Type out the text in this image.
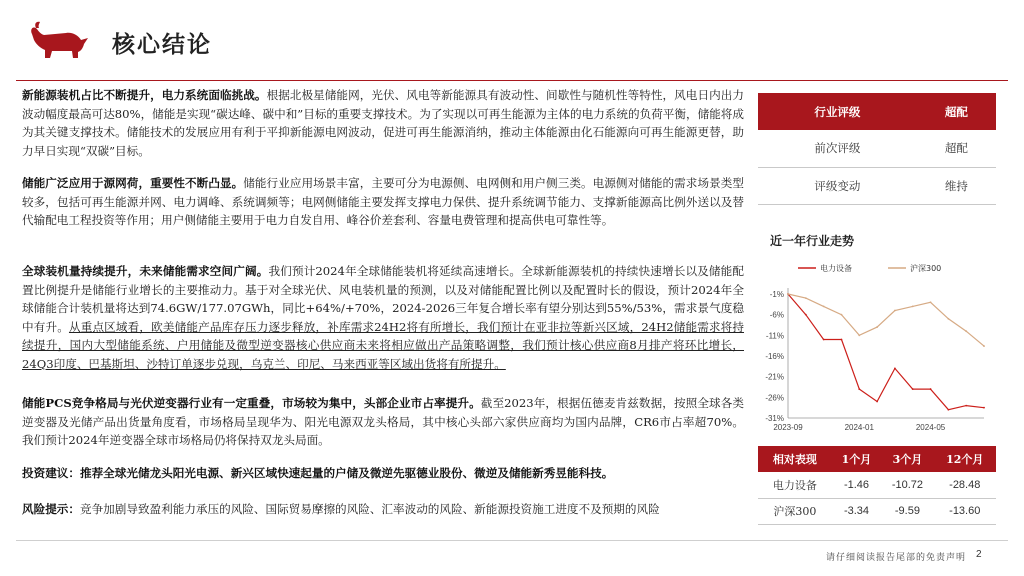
核心结论
新能源装机占比不断提升，电力系统面临挑战。根据北极星储能网，光伏、风电等新能源具有波动性、间歇性与随机性等特性，风电日内出力波动幅度最高可达80%，储能是实现“碳达峰、碳中和”目标的重要支撑技术。为了实现以可再生能源为主体的电力系统的负荷平衡，储能将成为其关键支撑技术。储能技术的发展应用有利于平抑新能源电网波动，促进可再生能源消纳，推动主体能源由化石能源向可再生能源更替，助力早日实现“双碳”目标。
储能广泛应用于源网荷，重要性不断凸显。储能行业应用场景丰富，主要可分为电源侧、电网侧和用户侧三类。电源侧对储能的需求场景类型较多，包括可再生能源并网、电力调峰、系统调频等；电网侧储能主要发挥支撑电力保供、提升系统调节能力、支撑新能源高比例外送以及替代输配电工程投资等作用；用户侧储能主要用于电力自发自用、峰谷价差套利、容量电费管理和提高供电可靠性等。
全球装机量持续提升，未来储能需求空间广阔。我们预计2024年全球储能装机将延续高速增长。全球新能源装机的持续快速增长以及储能配置比例提升是储能行业增长的主要推动力。基于对全球光伏、风电装机量的预测，以及对储能配置比例以及配置时长的假设，预计2024年全球储能合计装机量将达到74.6GW/177.07GWh，同比+64%/+70%，2024-2026三年复合增长率有望分别达到55%/53%，需求景气度稳中有升。从重点区域看，欧美储能产品库存压力逐步释放，补库需求24H2将有所增长，我们预计在亚非拉等新兴区域，24H2储能需求将持续提升，国内大型储能系统、户用储能及微型逆变器核心供应商未来将相应做出产品策略调整，我们预计核心供应商8月排产将环比增长，24Q3印度、巴基斯坦、沙特订单逐步兑现，乌克兰、印尼、马来西亚等区域出货将有所提升。
储能PCS竞争格局与光伏逆变器行业有一定重叠，市场较为集中，头部企业市占率提升。截至2023年，根据伍德麦肯兹数据，按照全球各类逆变器及光储产品出货量角度看，市场格局呈现华为、阳光电源双龙头格局，其中核心头部六家供应商均为国内品牌，CR6市占率超70%。我们预计2024年逆变器全球市场格局仍将保持双龙头局面。
投资建议：推荐全球光储龙头阳光电源、新兴区域快速起量的户储及微逆先驱德业股份、微逆及储能新秀昱能科技。
风险提示：竞争加剧导致盈利能力承压的风险、国际贸易摩擦的风险、汇率波动的风险、新能源投资施工进度不及预期的风险
行业评级	超配
前次评级	超配
评级变动	维持
近一年行业走势
-1%
-6%
-11%
-16%
-21%
-26%
-31%
2023-09	2024-01	2024-05
电力设备	沪深300
相对表现	1个月	3个月	12个月
电力设备	-1.46	-10.72	-28.48
沪深300	-3.34	-9.59	-13.60
请仔细阅读报告尾部的免责声明 2
